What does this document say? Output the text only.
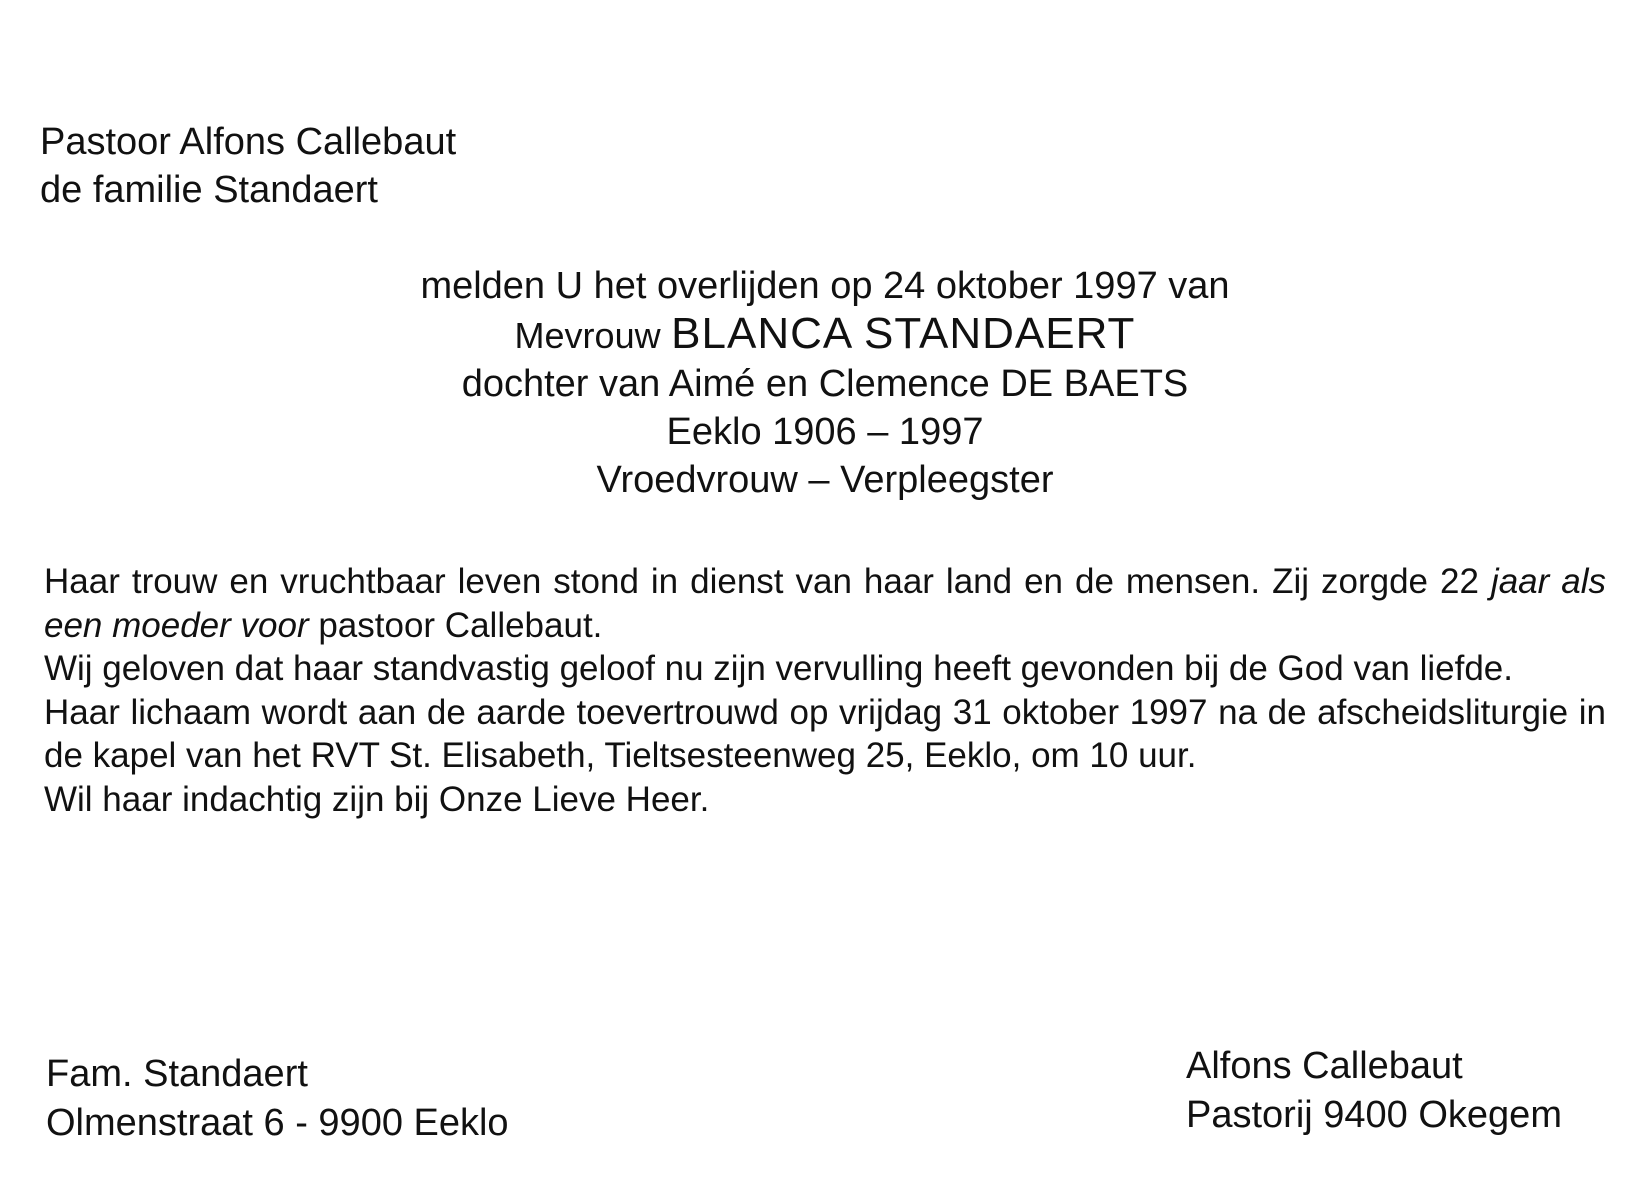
Pastoor Alfons Callebaut
de familie Standaert
melden U het overlijden op 24 oktober 1997 van
Mevrouw BLANCA STANDAERT
dochter van Aimé en Clemence DE BAETS
Eeklo 1906 – 1997
Vroedvrouw – Verpleegster

Haar trouw en vruchtbaar leven stond in dienst van haar land en de mensen. Zij zorgde 22 jaar als een moeder voor pastoor Callebaut.

Wij geloven dat haar standvastig geloof nu zijn vervulling heeft gevonden bij de God van liefde.

Haar lichaam wordt aan de aarde toevertrouwd op vrijdag 31 oktober 1997 na de afscheidsliturgie in de kapel van het RVT St. Elisabeth, Tieltsesteenweg 25, Eeklo, om 10 uur.

Wil haar indachtig zijn bij Onze Lieve Heer.

Fam. Standaert
Olmenstraat 6 - 9900 Eeklo
Alfons Callebaut
Pastorij 9400 Okegem
